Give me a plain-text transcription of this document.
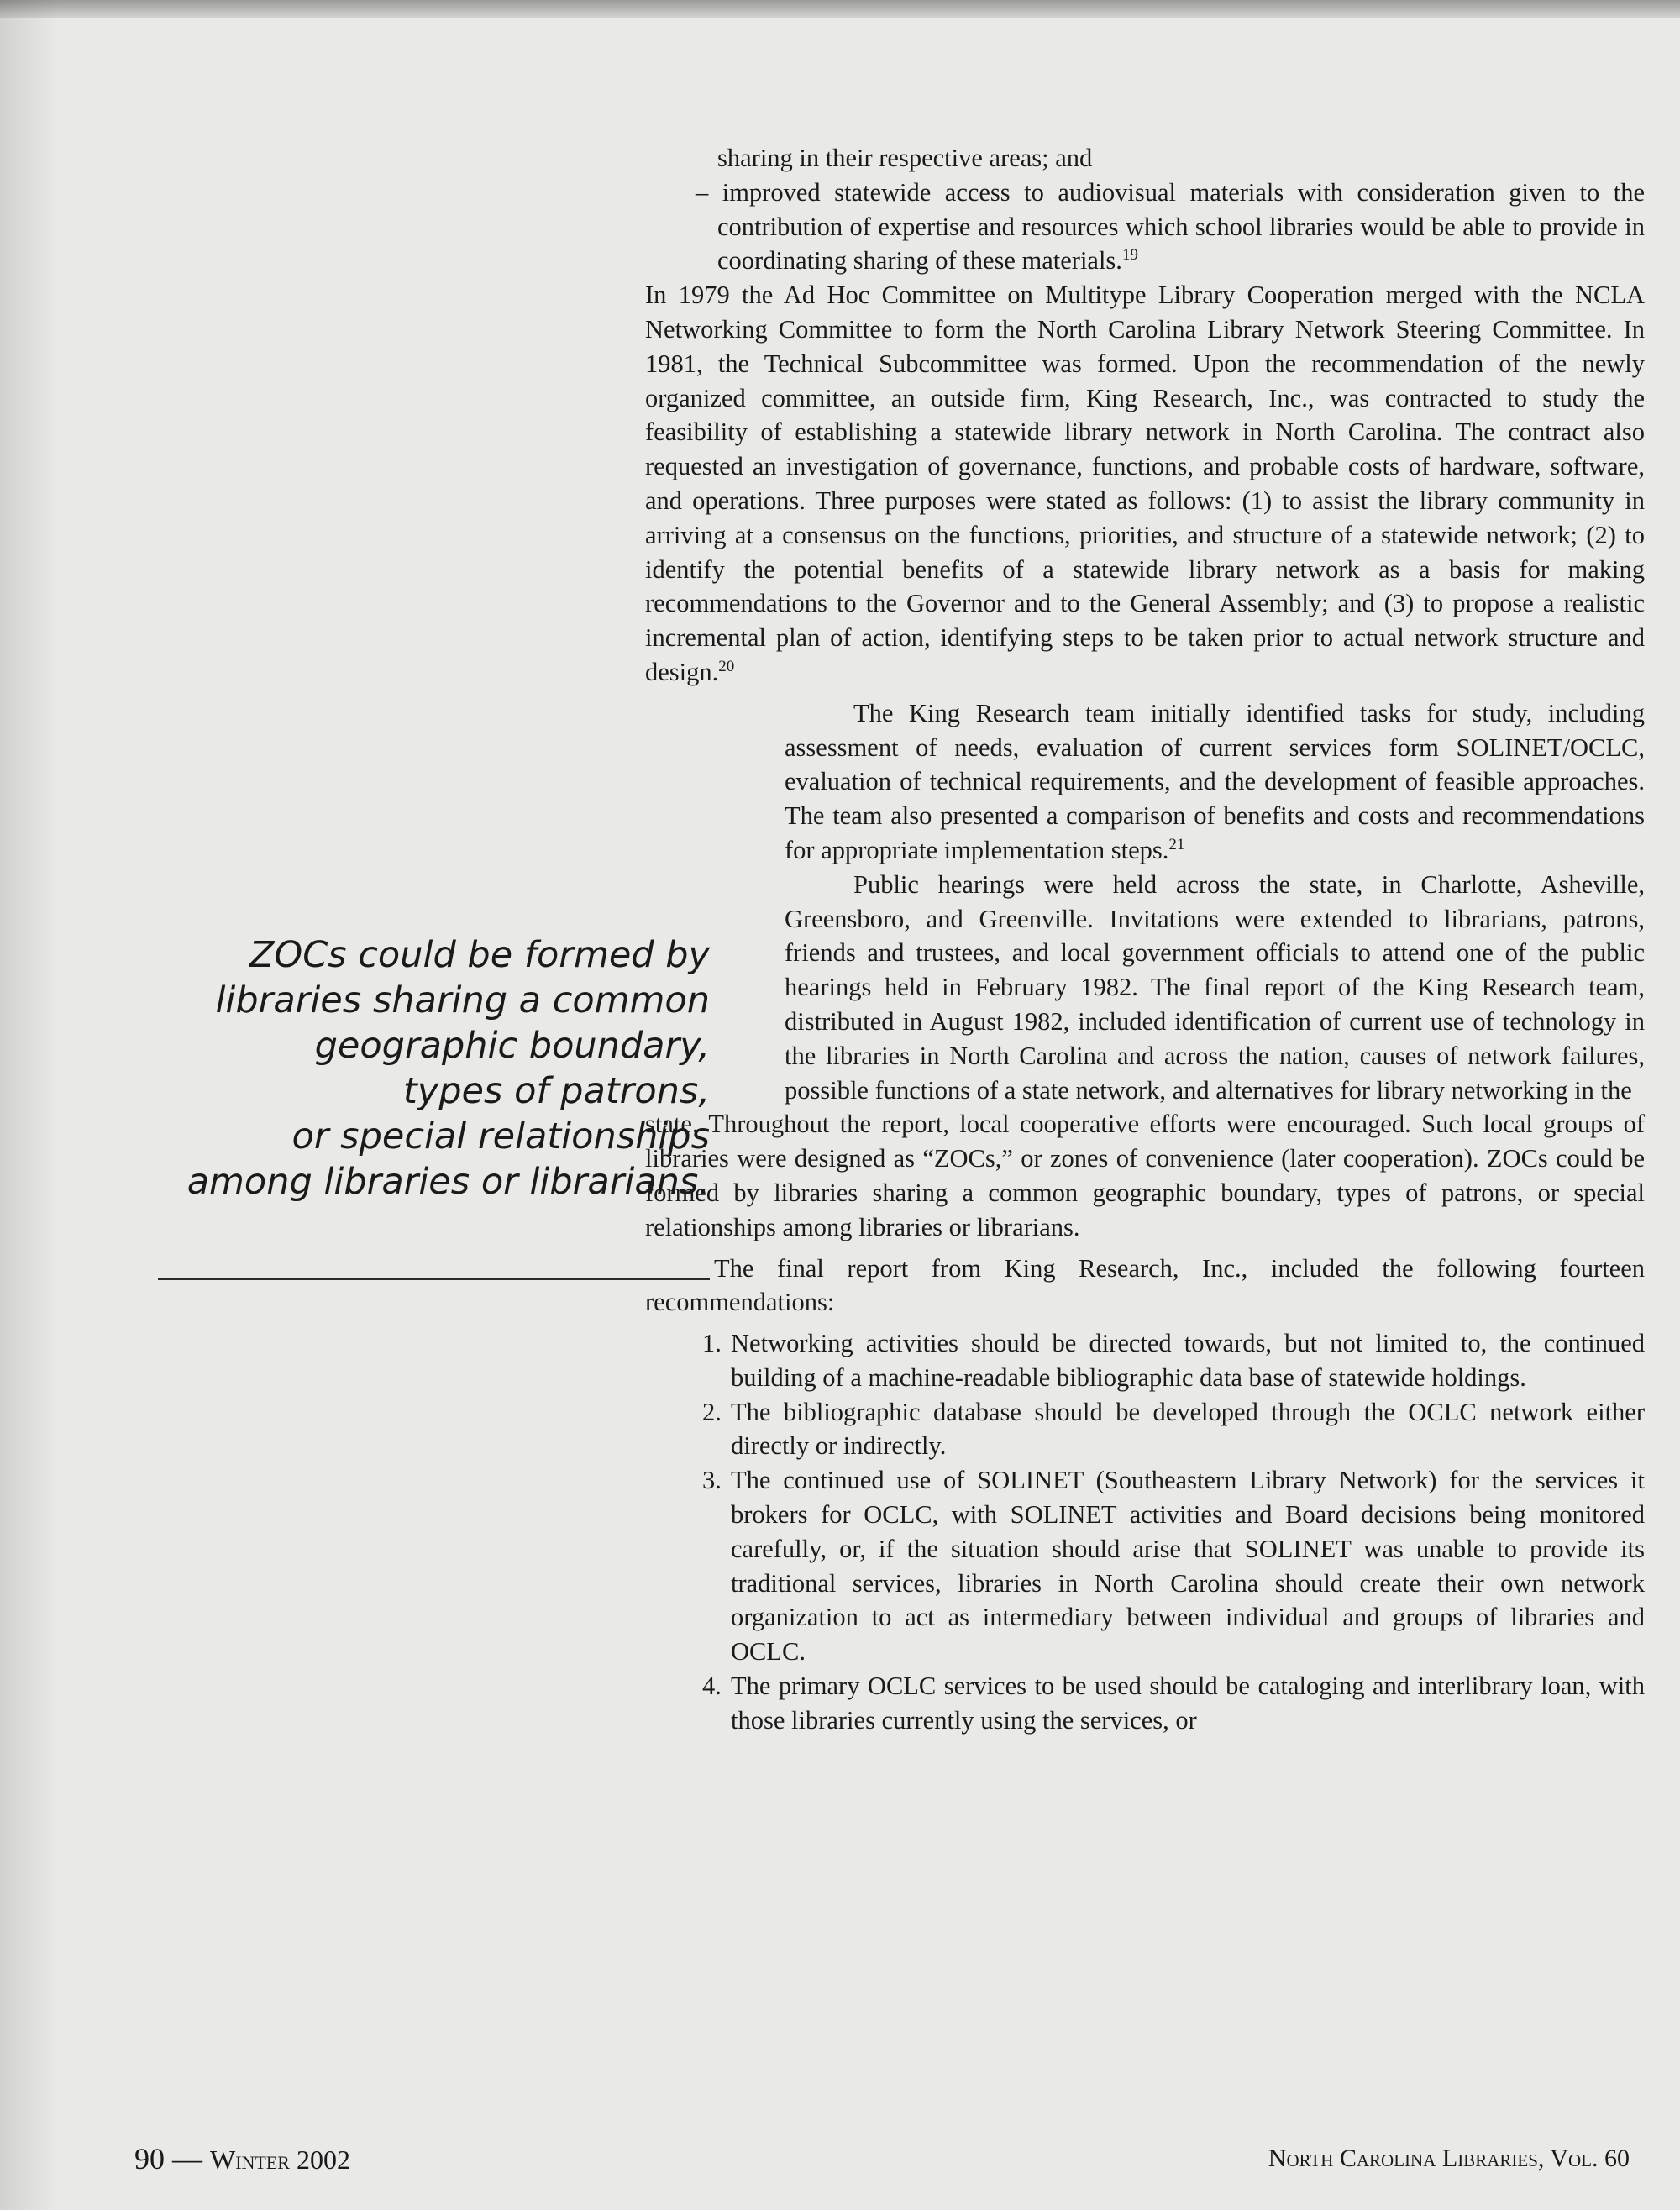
sharing in their respective areas; and

– improved statewide access to audiovisual materials with consideration given to the contribution of expertise and resources which school libraries would be able to provide in coordinating sharing of these materials.$^{19}$

In 1979 the Ad Hoc Committee on Multitype Library Cooperation merged with the NCLA Networking Committee to form the North Carolina Library Network Steering Committee. In 1981, the Technical Subcommittee was formed. Upon the recommendation of the newly organized committee, an outside firm, King Research, Inc., was contracted to study the feasibility of establishing a statewide library network in North Carolina. The contract also requested an investigation of governance, functions, and probable costs of hardware, software, and operations. Three purposes were stated as follows: (1) to assist the library community in arriving at a consensus on the functions, priorities, and structure of a statewide network; (2) to identify the potential benefits of a statewide library network as a basis for making recommendations to the Governor and to the General Assembly; and (3) to propose a realistic incremental plan of action, identifying steps to be taken prior to actual network structure and design.$^{20}$

The King Research team initially identified tasks for study, including assessment of needs, evaluation of current services form SOLINET/OCLC, evaluation of technical requirements, and the development of feasible approaches. The team also presented a comparison of benefits and costs and recommendations for appropriate implementation steps.$^{21}$

Public hearings were held across the state, in Charlotte, Asheville, Greensboro, and Greenville. Invitations were extended to librarians, patrons, friends and trustees, and local government officials to attend one of the public hearings held in February 1982. The final report of the King Research team, distributed in August 1982, included identification of current use of technology in the libraries in North Carolina and across the nation, causes of network failures, possible functions of a state network, and alternatives for library networking in the

state. Throughout the report, local cooperative efforts were encouraged. Such local groups of libraries were designed as “ZOCs,” or zones of convenience (later cooperation). ZOCs could be formed by libraries sharing a common geographic boundary, types of patrons, or special relationships among libraries or librarians.

The final report from King Research, Inc., included the following fourteen recommendations:

1. Networking activities should be directed towards, but not limited to, the continued building of a machine-readable bibliographic data base of statewide holdings.
2. The bibliographic database should be developed through the OCLC network either directly or indirectly.
3. The continued use of SOLINET (Southeastern Library Network) for the services it brokers for OCLC, with SOLINET activities and Board decisions being monitored carefully, or, if the situation should arise that SOLINET was unable to provide its traditional services, libraries in North Carolina should create their own network organization to act as intermediary between individual and groups of libraries and OCLC.
4. The primary OCLC services to be used should be cataloging and interlibrary loan, with those libraries currently using the services, or
ZOCs could be formed by
libraries sharing a common
geographic boundary,
types of patrons,
or special relationships
among libraries or librarians.
90 — Winter 2002	North Carolina Libraries, Vol. 60
